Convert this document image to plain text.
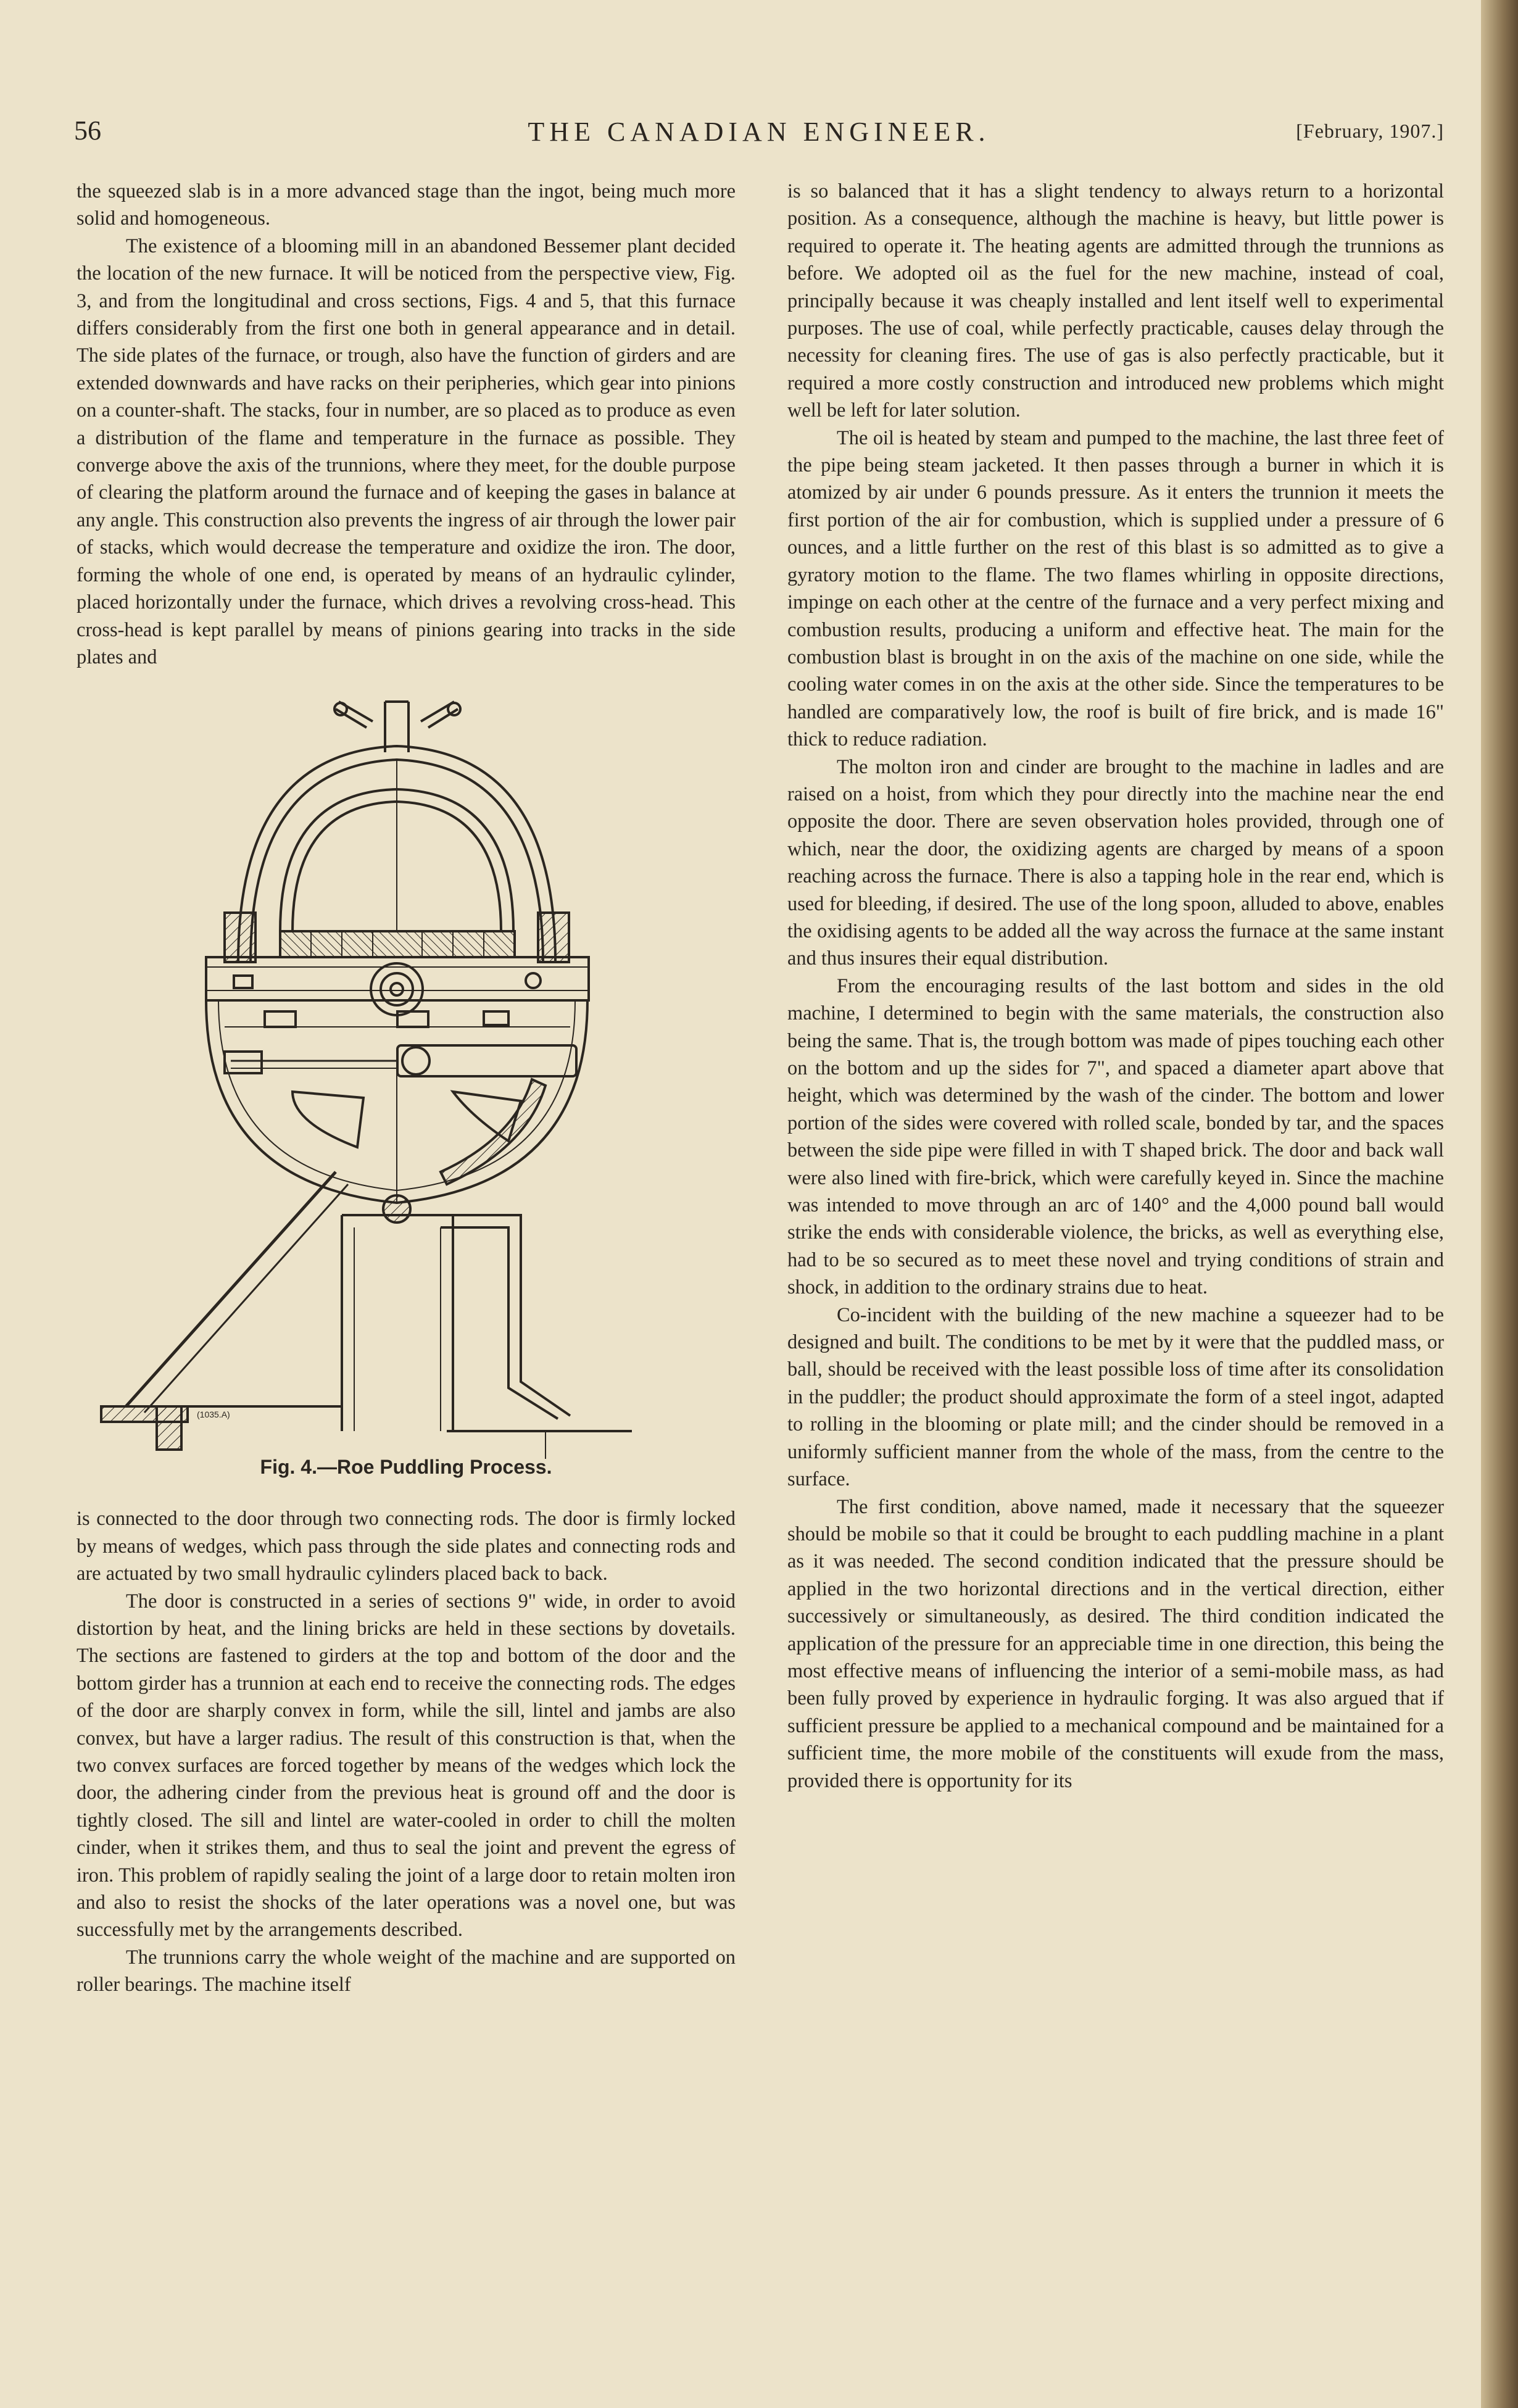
56	THE CANADIAN ENGINEER.	[February, 1907.]

the squeezed slab is in a more advanced stage than the ingot, being much more solid and homogeneous.

The existence of a blooming mill in an abandoned Bessemer plant decided the location of the new furnace. It will be noticed from the perspective view, Fig. 3, and from the longitudinal and cross sections, Figs. 4 and 5, that this furnace differs considerably from the first one both in general appearance and in detail. The side plates of the furnace, or trough, also have the function of girders and are extended downwards and have racks on their peripheries, which gear into pinions on a counter-shaft. The stacks, four in number, are so placed as to produce as even a distribution of the flame and temperature in the furnace as possible. They converge above the axis of the trunnions, where they meet, for the double purpose of clearing the platform around the furnace and of keeping the gases in balance at any angle. This construction also prevents the ingress of air through the lower pair of stacks, which would decrease the temperature and oxidize the iron. The door, forming the whole of one end, is operated by means of an hydraulic cylinder, placed horizontally under the furnace, which drives a revolving cross-head. This cross-head is kept parallel by means of pinions gearing into tracks in the side plates and

(1035.A)
Fig. 4.—Roe Puddling Process.

is connected to the door through two connecting rods. The door is firmly locked by means of wedges, which pass through the side plates and connecting rods and are actuated by two small hydraulic cylinders placed back to back.

The door is constructed in a series of sections 9" wide, in order to avoid distortion by heat, and the lining bricks are held in these sections by dovetails. The sections are fastened to girders at the top and bottom of the door and the bottom girder has a trunnion at each end to receive the connecting rods. The edges of the door are sharply convex in form, while the sill, lintel and jambs are also convex, but have a larger radius. The result of this construction is that, when the two convex surfaces are forced together by means of the wedges which lock the door, the adhering cinder from the previous heat is ground off and the door is tightly closed. The sill and lintel are water-cooled in order to chill the molten cinder, when it strikes them, and thus to seal the joint and prevent the egress of iron. This problem of rapidly sealing the joint of a large door to retain molten iron and also to resist the shocks of the later operations was a novel one, but was successfully met by the arrangements described.

The trunnions carry the whole weight of the machine and are supported on roller bearings. The machine itself

is so balanced that it has a slight tendency to always return to a horizontal position. As a consequence, although the machine is heavy, but little power is required to operate it. The heating agents are admitted through the trunnions as before. We adopted oil as the fuel for the new machine, instead of coal, principally because it was cheaply installed and lent itself well to experimental purposes. The use of coal, while perfectly practicable, causes delay through the necessity for cleaning fires. The use of gas is also perfectly practicable, but it required a more costly construction and introduced new problems which might well be left for later solution.

The oil is heated by steam and pumped to the machine, the last three feet of the pipe being steam jacketed. It then passes through a burner in which it is atomized by air under 6 pounds pressure. As it enters the trunnion it meets the first portion of the air for combustion, which is supplied under a pressure of 6 ounces, and a little further on the rest of this blast is so admitted as to give a gyratory motion to the flame. The two flames whirling in opposite directions, impinge on each other at the centre of the furnace and a very perfect mixing and combustion results, producing a uniform and effective heat. The main for the combustion blast is brought in on the axis of the machine on one side, while the cooling water comes in on the axis at the other side. Since the temperatures to be handled are comparatively low, the roof is built of fire brick, and is made 16" thick to reduce radiation.

The molton iron and cinder are brought to the machine in ladles and are raised on a hoist, from which they pour directly into the machine near the end opposite the door. There are seven observation holes provided, through one of which, near the door, the oxidizing agents are charged by means of a spoon reaching across the furnace. There is also a tapping hole in the rear end, which is used for bleeding, if desired. The use of the long spoon, alluded to above, enables the oxidising agents to be added all the way across the furnace at the same instant and thus insures their equal distribution.

From the encouraging results of the last bottom and sides in the old machine, I determined to begin with the same materials, the construction also being the same. That is, the trough bottom was made of pipes touching each other on the bottom and up the sides for 7", and spaced a diameter apart above that height, which was determined by the wash of the cinder. The bottom and lower portion of the sides were covered with rolled scale, bonded by tar, and the spaces between the side pipe were filled in with T shaped brick. The door and back wall were also lined with fire-brick, which were carefully keyed in. Since the machine was intended to move through an arc of 140° and the 4,000 pound ball would strike the ends with considerable violence, the bricks, as well as everything else, had to be so secured as to meet these novel and trying conditions of strain and shock, in addition to the ordinary strains due to heat.

Co-incident with the building of the new machine a squeezer had to be designed and built. The conditions to be met by it were that the puddled mass, or ball, should be received with the least possible loss of time after its consolidation in the puddler; the product should approximate the form of a steel ingot, adapted to rolling in the blooming or plate mill; and the cinder should be removed in a uniformly sufficient manner from the whole of the mass, from the centre to the surface.

The first condition, above named, made it necessary that the squeezer should be mobile so that it could be brought to each puddling machine in a plant as it was needed. The second condition indicated that the pressure should be applied in the two horizontal directions and in the vertical direction, either successively or simultaneously, as desired. The third condition indicated the application of the pressure for an appreciable time in one direction, this being the most effective means of influencing the interior of a semi-mobile mass, as had been fully proved by experience in hydraulic forging. It was also argued that if sufficient pressure be applied to a mechanical compound and be maintained for a sufficient time, the more mobile of the constituents will exude from the mass, provided there is opportunity for its
